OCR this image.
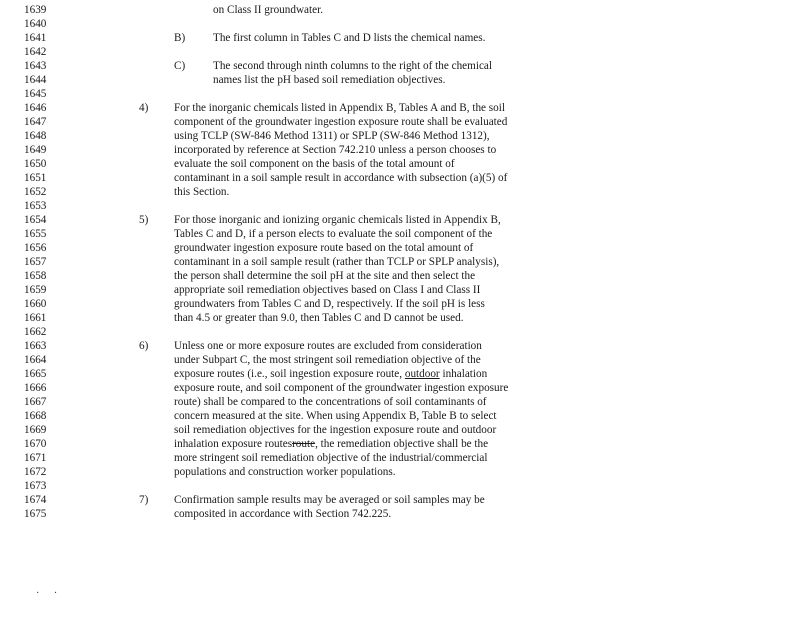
1639	on Class II groundwater.
1640
1641	B) The first column in Tables C and D lists the chemical names.
1642
1643	C) The second through ninth columns to the right of the chemical
1644	names list the pH based soil remediation objectives.
1645
1646	4) For the inorganic chemicals listed in Appendix B, Tables A and B, the soil
1647	component of the groundwater ingestion exposure route shall be evaluated
1648	using TCLP (SW-846 Method 1311) or SPLP (SW-846 Method 1312),
1649	incorporated by reference at Section 742.210 unless a person chooses to
1650	evaluate the soil component on the basis of the total amount of
1651	contaminant in a soil sample result in accordance with subsection (a)(5) of
1652	this Section.
1653
1654	5) For those inorganic and ionizing organic chemicals listed in Appendix B,
1655	Tables C and D, if a person elects to evaluate the soil component of the
1656	groundwater ingestion exposure route based on the total amount of
1657	contaminant in a soil sample result (rather than TCLP or SPLP analysis),
1658	the person shall determine the soil pH at the site and then select the
1659	appropriate soil remediation objectives based on Class I and Class II
1660	groundwaters from Tables C and D, respectively. If the soil pH is less
1661	than 4.5 or greater than 9.0, then Tables C and D cannot be used.
1662
1663	6) Unless one or more exposure routes are excluded from consideration
1664	under Subpart C, the most stringent soil remediation objective of the
1665	exposure routes (i.e., soil ingestion exposure route, outdoor inhalation
1666	exposure route, and soil component of the groundwater ingestion exposure
1667	route) shall be compared to the concentrations of soil contaminants of
1668	concern measured at the site. When using Appendix B, Table B to select
1669	soil remediation objectives for the ingestion exposure route and outdoor
1670	inhalation exposure routesroute, the remediation objective shall be the
1671	more stringent soil remediation objective of the industrial/commercial
1672	populations and construction worker populations.
1673
1674	7) Confirmation sample results may be averaged or soil samples may be
1675	composited in accordance with Section 742.225.
· ·
